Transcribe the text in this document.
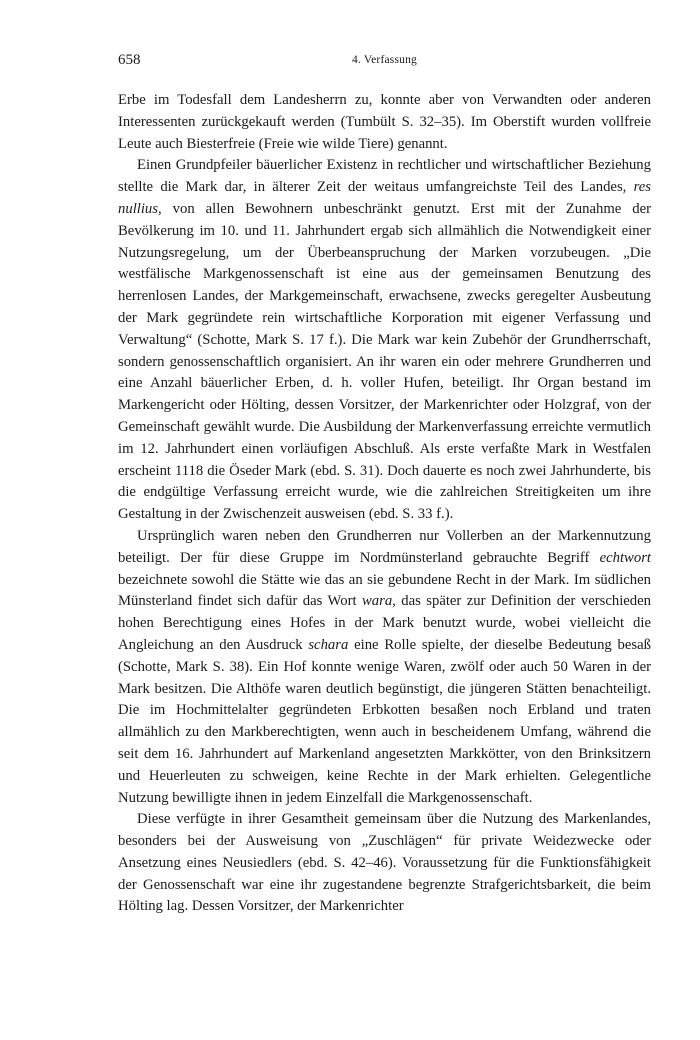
658	4. Verfassung

Erbe im Todesfall dem Landesherrn zu, konnte aber von Verwandten oder anderen Interessenten zurückgekauft werden (Tumbült S. 32–35). Im Oberstift wurden vollfreie Leute auch Biesterfreie (Freie wie wilde Tiere) genannt.

Einen Grundpfeiler bäuerlicher Existenz in rechtlicher und wirtschaftlicher Beziehung stellte die Mark dar, in älterer Zeit der weitaus umfangreichste Teil des Landes, res nullius, von allen Bewohnern unbeschränkt genutzt. Erst mit der Zunahme der Bevölkerung im 10. und 11. Jahrhundert ergab sich allmählich die Notwendigkeit einer Nutzungsregelung, um der Überbeanspruchung der Marken vorzubeugen. „Die westfälische Markgenossenschaft ist eine aus der gemeinsamen Benutzung des herrenlosen Landes, der Markgemeinschaft, erwachsene, zwecks geregelter Ausbeutung der Mark gegründete rein wirtschaftliche Korporation mit eigener Verfassung und Verwaltung“ (Schotte, Mark S. 17 f.). Die Mark war kein Zubehör der Grundherrschaft, sondern genossenschaftlich organisiert. An ihr waren ein oder mehrere Grundherren und eine Anzahl bäuerlicher Erben, d. h. voller Hufen, beteiligt. Ihr Organ bestand im Markengericht oder Hölting, dessen Vorsitzer, der Markenrichter oder Holzgraf, von der Gemeinschaft gewählt wurde. Die Ausbildung der Markenverfassung erreichte vermutlich im 12. Jahrhundert einen vorläufigen Abschluß. Als erste verfaßte Mark in Westfalen erscheint 1118 die Öseder Mark (ebd. S. 31). Doch dauerte es noch zwei Jahrhunderte, bis die endgültige Verfassung erreicht wurde, wie die zahlreichen Streitigkeiten um ihre Gestaltung in der Zwischenzeit ausweisen (ebd. S. 33 f.).

Ursprünglich waren neben den Grundherren nur Vollerben an der Markennutzung beteiligt. Der für diese Gruppe im Nordmünsterland gebrauchte Begriff echtwort bezeichnete sowohl die Stätte wie das an sie gebundene Recht in der Mark. Im südlichen Münsterland findet sich dafür das Wort wara, das später zur Definition der verschieden hohen Berechtigung eines Hofes in der Mark benutzt wurde, wobei vielleicht die Angleichung an den Ausdruck schara eine Rolle spielte, der dieselbe Bedeutung besaß (Schotte, Mark S. 38). Ein Hof konnte wenige Waren, zwölf oder auch 50 Waren in der Mark besitzen. Die Althöfe waren deutlich begünstigt, die jüngeren Stätten benachteiligt. Die im Hochmittelalter gegründeten Erbkotten besaßen noch Erbland und traten allmählich zu den Markberechtigten, wenn auch in bescheidenem Umfang, während die seit dem 16. Jahrhundert auf Markenland angesetzten Markkötter, von den Brinksitzern und Heuerleuten zu schweigen, keine Rechte in der Mark erhielten. Gelegentliche Nutzung bewilligte ihnen in jedem Einzelfall die Markgenossenschaft.

Diese verfügte in ihrer Gesamtheit gemeinsam über die Nutzung des Markenlandes, besonders bei der Ausweisung von „Zuschlägen“ für private Weidezwecke oder Ansetzung eines Neusiedlers (ebd. S. 42–46). Voraussetzung für die Funktionsfähigkeit der Genossenschaft war eine ihr zugestandene begrenzte Strafgerichtsbarkeit, die beim Hölting lag. Dessen Vorsitzer, der Markenrichter
